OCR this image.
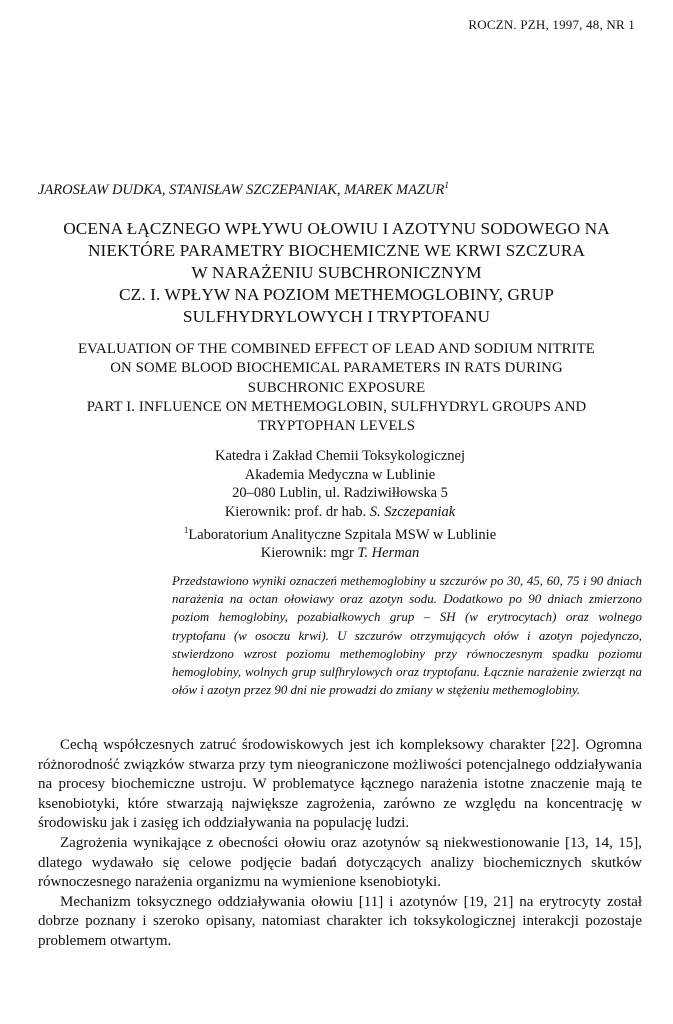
ROCZN. PZH, 1997, 48, NR 1
JAROSŁAW DUDKA, STANISŁAW SZCZEPANIAK, MAREK MAZUR$^1$
OCENA ŁĄCZNEGO WPŁYWU OŁOWIU I AZOTYNU SODOWEGO NA
NIEKTÓRE PARAMETRY BIOCHEMICZNE WE KRWI SZCZURA
W NARAŻENIU SUBCHRONICZNYM
CZ. I. WPŁYW NA POZIOM METHEMOGLOBINY, GRUP
SULFHYDRYLOWYCH I TRYPTOFANU
EVALUATION OF THE COMBINED EFFECT OF LEAD AND SODIUM NITRITE
ON SOME BLOOD BIOCHEMICAL PARAMETERS IN RATS DURING
SUBCHRONIC EXPOSURE
PART I. INFLUENCE ON METHEMOGLOBIN, SULFHYDRYL GROUPS AND
TRYPTOPHAN LEVELS
Katedra i Zakład Chemii Toksykologicznej
Akademia Medyczna w Lublinie
20–080 Lublin, ul. Radziwiłłowska 5
Kierownik: prof. dr hab. S. Szczepaniak
$^1$Laboratorium Analityczne Szpitala MSW w Lublinie
Kierownik: mgr T. Herman
Przedstawiono wyniki oznaczeń methemoglobiny u szczurów po 30, 45, 60, 75 i 90 dniach narażenia na octan ołowiawy oraz azotyn sodu. Dodatkowo po 90 dniach zmierzono poziom hemoglobiny, pozabiałkowych grup – SH (w erytrocytach) oraz wolnego tryptofanu (w osoczu krwi). U szczurów otrzymujących ołów i azotyn pojedynczo, stwierdzono wzrost poziomu methemoglobiny przy równoczesnym spadku poziomu hemoglobiny, wolnych grup sulfhrylowych oraz tryptofanu. Łącznie narażenie zwierząt na ołów i azotyn przez 90 dni nie prowadzi do zmiany w stężeniu methemoglobiny.

Cechą współczesnych zatruć środowiskowych jest ich kompleksowy charakter [22]. Ogromna różnorodność związków stwarza przy tym nieograniczone możliwości potencjalnego oddziaływania na procesy biochemiczne ustroju. W problematyce łącznego narażenia istotne znaczenie mają te ksenobiotyki, które stwarzają największe zagrożenia, zarówno ze względu na koncentrację w środowisku jak i zasięg ich oddziaływania na populację ludzi.

Zagrożenia wynikające z obecności ołowiu oraz azotynów są niekwestionowanie [13, 14, 15], dlatego wydawało się celowe podjęcie badań dotyczących analizy biochemicznych skutków równoczesnego narażenia organizmu na wymienione ksenobiotyki.

Mechanizm toksycznego oddziaływania ołowiu [11] i azotynów [19, 21] na erytrocyty został dobrze poznany i szeroko opisany, natomiast charakter ich toksykologicznej interakcji pozostaje problemem otwartym.
